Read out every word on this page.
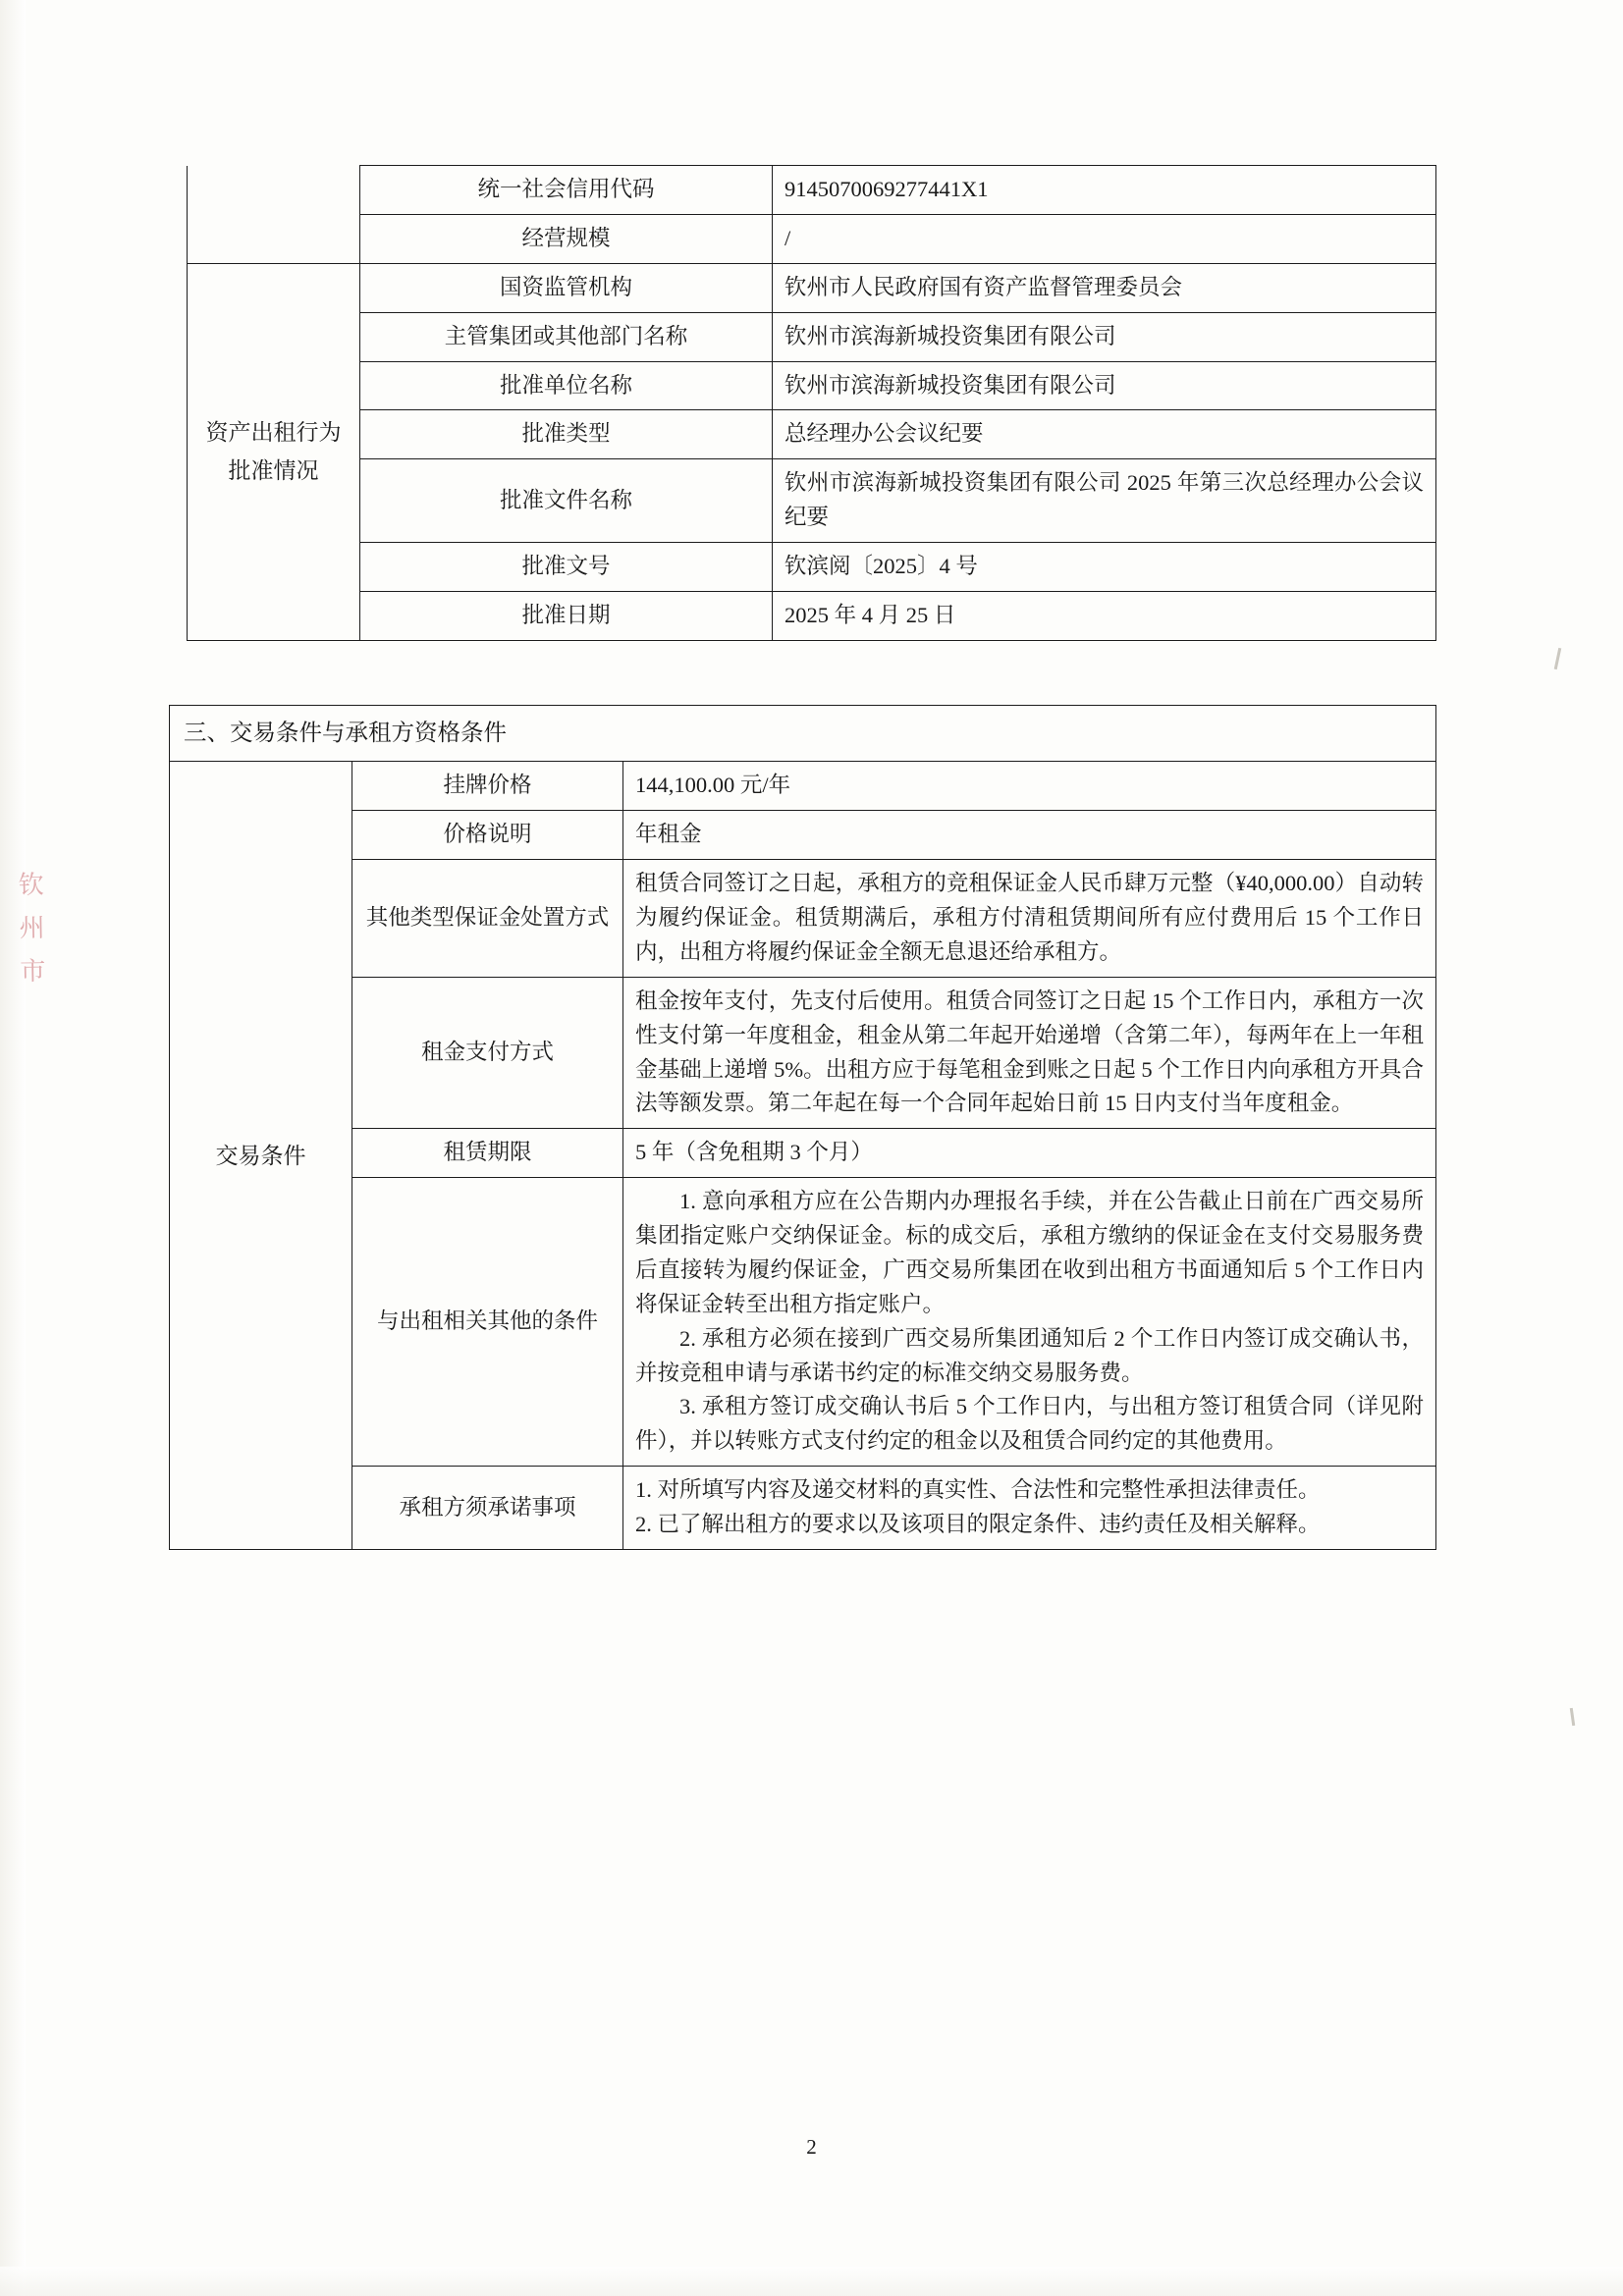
钦
州
市
	统一社会信用代码	9145070069277441X1
	经营规模	/
资产出租行为批准情况	国资监管机构	钦州市人民政府国有资产监督管理委员会
	主管集团或其他部门名称	钦州市滨海新城投资集团有限公司
	批准单位名称	钦州市滨海新城投资集团有限公司
	批准类型	总经理办公会议纪要
	批准文件名称	钦州市滨海新城投资集团有限公司 2025 年第三次总经理办公会议纪要
	批准文号	钦滨阅〔2025〕4 号
	批准日期	2025 年 4 月 25 日
三、交易条件与承租方资格条件		
交易条件	挂牌价格	144,100.00 元/年
	价格说明	年租金
	其他类型保证金处置方式	租赁合同签订之日起，承租方的竞租保证金人民币肆万元整（¥40,000.00）自动转为履约保证金。租赁期满后，承租方付清租赁期间所有应付费用后 15 个工作日内，出租方将履约保证金全额无息退还给承租方。
	租金支付方式	租金按年支付，先支付后使用。租赁合同签订之日起 15 个工作日内，承租方一次性支付第一年度租金，租金从第二年起开始递增（含第二年），每两年在上一年租金基础上递增 5%。出租方应于每笔租金到账之日起 5 个工作日内向承租方开具合法等额发票。第二年起在每一个合同年起始日前 15 日内支付当年度租金。
	租赁期限	5 年（含免租期 3 个月）
	与出租相关其他的条件	1. 意向承租方应在公告期内办理报名手续，并在公告截止日前在广西交易所集团指定账户交纳保证金。标的成交后，承租方缴纳的保证金在支付交易服务费后直接转为履约保证金，广西交易所集团在收到出租方书面通知后 5 个工作日内将保证金转至出租方指定账户。

2. 承租方必须在接到广西交易所集团通知后 2 个工作日内签订成交确认书，并按竞租申请与承诺书约定的标准交纳交易服务费。

3. 承租方签订成交确认书后 5 个工作日内，与出租方签订租赁合同（详见附件），并以转账方式支付约定的租金以及租赁合同约定的其他费用。

	承租方须承诺事项	1. 对所填写内容及递交材料的真实性、合法性和完整性承担法律责任。

2. 已了解出租方的要求以及该项目的限定条件、违约责任及相关解释。

2
